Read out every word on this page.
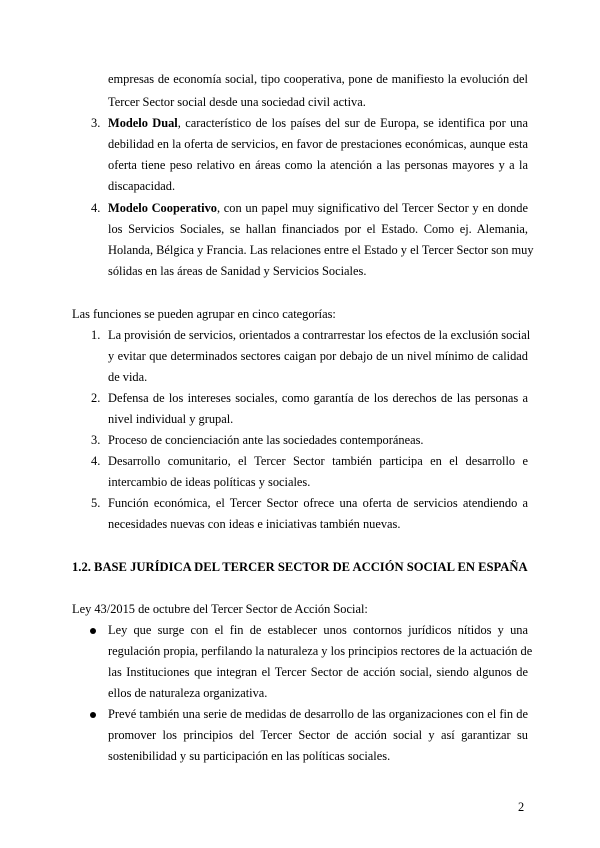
empresas de economía social, tipo cooperativa, pone de manifiesto la evolución del
Tercer Sector social desde una sociedad civil activa.
3. Modelo Dual, característico de los países del sur de Europa, se identifica por una
debilidad en la oferta de servicios, en favor de prestaciones económicas, aunque esta
oferta tiene peso relativo en áreas como la atención a las personas mayores y a la
discapacidad.
4. Modelo Cooperativo, con un papel muy significativo del Tercer Sector y en donde
los Servicios Sociales, se hallan financiados por el Estado. Como ej. Alemania,
Holanda, Bélgica y Francia. Las relaciones entre el Estado y el Tercer Sector son muy
sólidas en las áreas de Sanidad y Servicios Sociales.
Las funciones se pueden agrupar en cinco categorías:
1. La provisión de servicios, orientados a contrarrestar los efectos de la exclusión social
y evitar que determinados sectores caigan por debajo de un nivel mínimo de calidad
de vida.
2. Defensa de los intereses sociales, como garantía de los derechos de las personas a
nivel individual y grupal.
3. Proceso de concienciación ante las sociedades contemporáneas.
4. Desarrollo comunitario, el Tercer Sector también participa en el desarrollo e
intercambio de ideas políticas y sociales.
5. Función económica, el Tercer Sector ofrece una oferta de servicios atendiendo a
necesidades nuevas con ideas e iniciativas también nuevas.
1.2. BASE JURÍDICA DEL TERCER SECTOR DE ACCIÓN SOCIAL EN ESPAÑA
Ley 43/2015 de octubre del Tercer Sector de Acción Social:
Ley que surge con el fin de establecer unos contornos jurídicos nítidos y una
regulación propia, perfilando la naturaleza y los principios rectores de la actuación de
las Instituciones que integran el Tercer Sector de acción social, siendo algunos de
ellos de naturaleza organizativa.
Prevé también una serie de medidas de desarrollo de las organizaciones con el fin de
promover los principios del Tercer Sector de acción social y así garantizar su
sostenibilidad y su participación en las políticas sociales.
2
